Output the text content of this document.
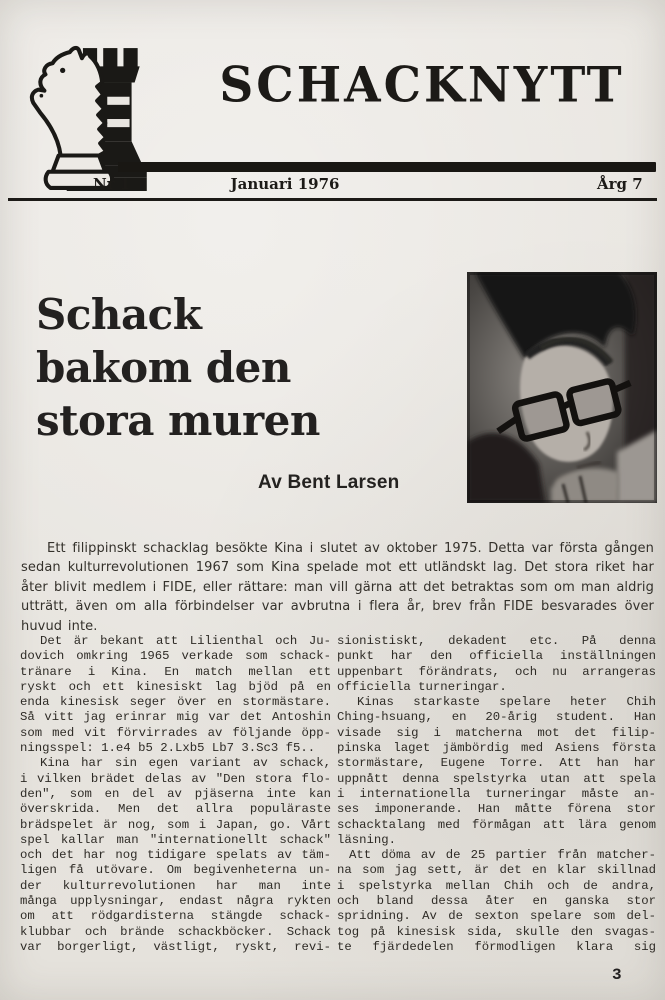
SCHACKNYTT
Nr 1	Januari 1976	Årg 7
Schack
bakom den
stora muren
Av Bent Larsen
Ett filippinskt schacklag besökte Kina i slutet av oktober 1975. Detta var första gången
sedan kulturrevolutionen 1967 som Kina spelade mot ett utländskt lag. Det stora riket har
åter blivit medlem i FIDE, eller rättare: man vill gärna att det betraktas som om man aldrig
utträtt, även om alla förbindelser var avbrutna i flera år, brev från FIDE besvarades över
huvud inte.
Det är bekant att Lilienthal och Ju-
dovich omkring 1965 verkade som schack-
tränare i Kina. En match mellan ett
ryskt och ett kinesiskt lag bjöd på en
enda kinesisk seger över en stormästare.
Så vitt jag erinrar mig var det Antoshin
som med vit förvirrades av följande öpp-
ningsspel: 1.e4 b5 2.Lxb5 Lb7 3.Sc3 f5..
Kina har sin egen variant av schack,
i vilken brädet delas av "Den stora flo-
den", som en del av pjäserna inte kan
överskrida. Men det allra populäraste
brädspelet är nog, som i Japan, go. Vårt
spel kallar man "internationellt schack"
och det har nog tidigare spelats av täm-
ligen få utövare. Om begivenheterna un-
der kulturrevolutionen har man inte
många upplysningar, endast några rykten
om att rödgardisterna stängde schack-
klubbar och brände schackböcker. Schack
var borgerligt, västligt, ryskt, revi-
sionistiskt, dekadent etc. På denna
punkt har den officiella inställningen
uppenbart förändrats, och nu arrangeras
officiella turneringar.
Kinas starkaste spelare heter Chih
Ching-hsuang, en 20-årig student. Han
visade sig i matcherna mot det filip-
pinska laget jämbördig med Asiens första
stormästare, Eugene Torre. Att han har
uppnått denna spelstyrka utan att spela
i internationella turneringar måste an-
ses imponerande. Han måtte förena stor
schacktalang med förmågan att lära genom
läsning.
Att döma av de 25 partier från matcher-
na som jag sett, är det en klar skillnad
i spelstyrka mellan Chih och de andra,
och bland dessa åter en ganska stor
spridning. Av de sexton spelare som del-
tog på kinesisk sida, skulle den svagas-
te fjärdedelen förmodligen klara sig
3
